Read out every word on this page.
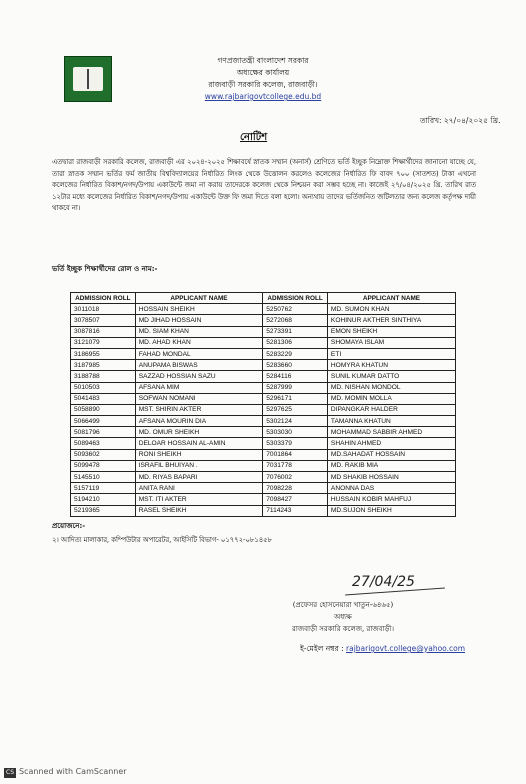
গণপ্রজাতন্ত্রী বাংলাদেশ সরকার
অধ্যক্ষের কার্যালয়
রাজবাড়ী সরকারি কলেজ, রাজবাড়ী।
www.rajbarigovtcollege.edu.bd
তারিখ: ২৭/০৪/২০২৫ খ্রি.
নোটিশ
এতদ্বারা রাজবাড়ী সরকারি কলেজ, রাজবাড়ী এর ২০২৪-২০২৫ শিক্ষাবর্ষে স্নাতক সম্মান (অনার্স) শ্রেণিতে ভর্তি ইচ্ছুক নিম্নোক্ত শিক্ষার্থীদের জানানো যাচ্ছে যে, তারা স্নাতক সম্মান ভর্তির ফর্ম জাতীয় বিশ্ববিদ্যালয়ের নির্ধারিত লিংক থেকে উত্তোলন করলেও কলেজের নির্ধারিত ফি বাবদ ৭০০ (সাতশত) টাকা এখনো কলেজের নির্ধারিত বিকাশ/নগদ/উপায় একাউন্টে জমা না করায় তাদেরকে কলেজ থেকে নিশ্চয়ন করা সম্ভব হচ্ছে না। কাজেই ২৭/০৪/২০২৫ খ্রি. তারিখ রাত ১২টার মধ্যে কলেজের নির্ধারিত বিকাশ/নগদ/উপায় একাউন্টে উক্ত ফি জমা দিতে বলা হলো। অন্যথায় তাদের ভর্তিজনিত জটিলতার জন্য কলেজ কর্তৃপক্ষ দায়ী থাকবে না।
ভর্তি ইচ্ছুক শিক্ষার্থীদের রোল ও নাম:-
ADMISSION ROLL	APPLICANT NAME	ADMISSION ROLL	APPLICANT NAME
3011018	HOSSAIN SHEIKH	5250762	MD. SUMON KHAN
3078507	MD JIHAD HOSSAIN	5272068	KOHINUR AKTHER SINTHIYA
3087816	MD. SIAM KHAN	5273391	EMON SHEIKH
3121079	MD. AHAD KHAN	5281306	SHOMAYA ISLAM
3186955	FAHAD MONDAL	5283229	ETI
3187985	ANUPAMA BISWAS	5283660	HOMYRA KHATUN
3188788	SAZZAD HOSSIAN SAZU	5284116	SUNIL KUMAR DATTO
5010503	AFSANA MIM	5287999	MD. NISHAN MONDOL
5041483	SOFWAN NOMANI	5296171	MD. MOMIN MOLLA
5058890	MST. SHIRIN AKTER	5297625	DIPANGKAR HALDER
5066499	AFSANA MOURIN DIA	5302124	TAMANNA KHATUN
5081796	MD. OMUR SHEIKH	5303030	MOHAMMAD SABBIR AHMED
5089463	DELOAR HOSSAIN AL-AMIN	5303379	SHAHIN AHMED
5093602	RONI SHEIKH	7001864	MD.SAHADAT HOSSAIN
5099478	ISRAFIL BHUIYAN .	7031778	MD. RAKIB MIA
5145510	MD. RIYAS BAPARI	7076002	MD SHAKIB HOSSAIN
5157119	ANITA RANI	7098228	ANONNA DAS
5194210	MST. ITI AKTER	7098427	HUSSAIN KOBIR MAHFUJ
5219365	RASEL SHEIKH	7114243	MD.SUJON SHEIKH
প্রয়োজনে:-
২। আদিত্য মালাকার, কম্পিউটার অপারেটর, আইসিটি বিভাগ- ০১৭৭২-০৮১৪৫৮
27/04/25
(প্রফেসর হোসনেয়ারা খাতুন-৬৪৬৫)
অধ্যক্ষ
রাজবাড়ী সরকারি কলেজ, রাজবাড়ী।
ই-মেইল নম্বর : rajbarigovt.college@yahoo.com
CS Scanned with CamScanner
